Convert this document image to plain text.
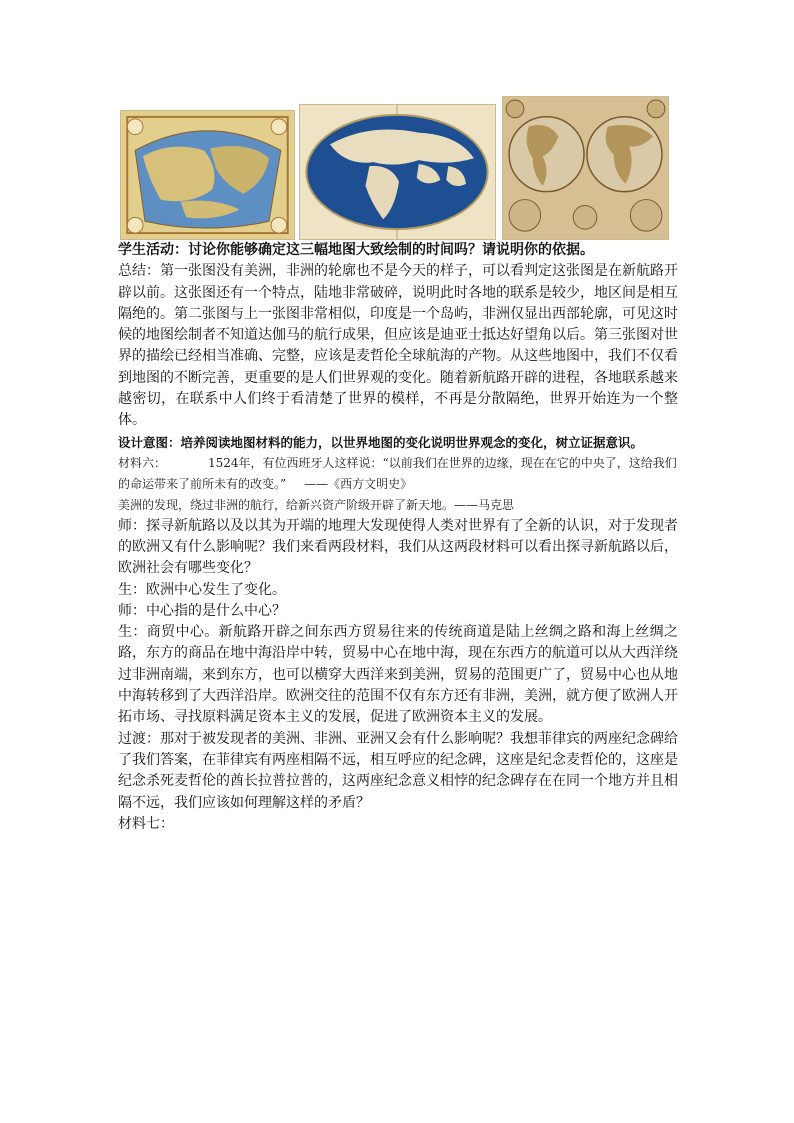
学生活动：讨论你能够确定这三幅地图大致绘制的时间吗？请说明你的依据。

总结：第一张图没有美洲，非洲的轮廓也不是今天的样子，可以看判定这张图是在新航路开辟以前。这张图还有一个特点，陆地非常破碎，说明此时各地的联系是较少，地区间是相互隔绝的。第二张图与上一张图非常相似，印度是一个岛屿，非洲仅显出西部轮廓，可见这时候的地图绘制者不知道达伽马的航行成果，但应该是迪亚士抵达好望角以后。第三张图对世界的描绘已经相当准确、完整，应该是麦哲伦全球航海的产物。从这些地图中，我们不仅看到地图的不断完善，更重要的是人们世界观的变化。随着新航路开辟的进程，各地联系越来越密切，在联系中人们终于看清楚了世界的模样，不再是分散隔绝，世界开始连为一个整体。

设计意图：培养阅读地图材料的能力，以世界地图的变化说明世界观念的变化，树立证据意识。

材料六：	1524年，有位西班牙人这样说：“以前我们在世界的边缘，现在在它的中央了，这给我们的命运带来了前所未有的改变。” ——《西方文明史》

美洲的发现，绕过非洲的航行，给新兴资产阶级开辟了新天地。——马克思

师：探寻新航路以及以其为开端的地理大发现使得人类对世界有了全新的认识，对于发现者的欧洲又有什么影响呢？我们来看两段材料，我们从这两段材料可以看出探寻新航路以后，欧洲社会有哪些变化？

生：欧洲中心发生了变化。

师：中心指的是什么中心？

生：商贸中心。新航路开辟之间东西方贸易往来的传统商道是陆上丝绸之路和海上丝绸之路，东方的商品在地中海沿岸中转，贸易中心在地中海，现在东西方的航道可以从大西洋绕过非洲南端，来到东方，也可以横穿大西洋来到美洲，贸易的范围更广了，贸易中心也从地中海转移到了大西洋沿岸。欧洲交往的范围不仅有东方还有非洲，美洲，就方便了欧洲人开拓市场、寻找原料满足资本主义的发展，促进了欧洲资本主义的发展。

过渡：那对于被发现者的美洲、非洲、亚洲又会有什么影响呢？我想菲律宾的两座纪念碑给了我们答案，在菲律宾有两座相隔不远，相互呼应的纪念碑，这座是纪念麦哲伦的，这座是纪念杀死麦哲伦的酋长拉普拉普的，这两座纪念意义相悖的纪念碑存在在同一个地方并且相隔不远，我们应该如何理解这样的矛盾？

材料七：
